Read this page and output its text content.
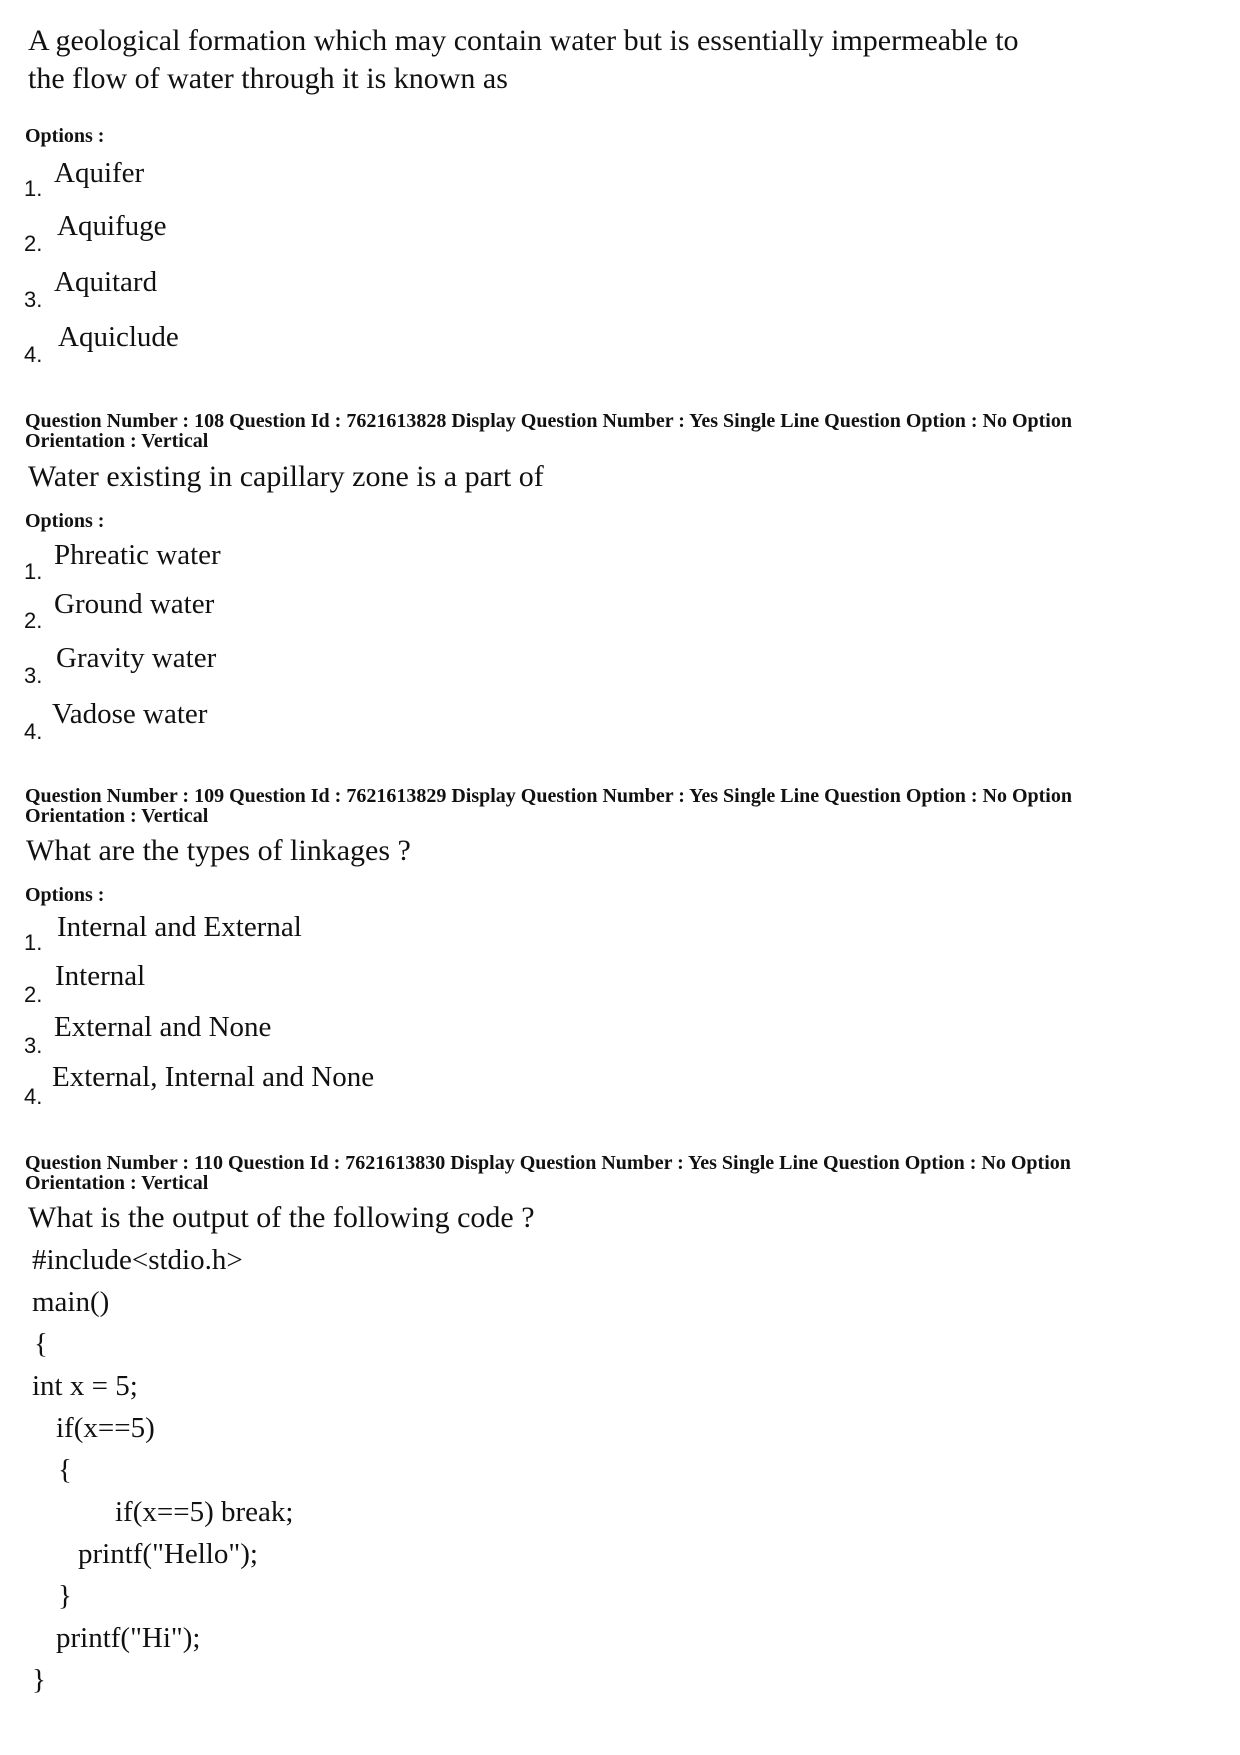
A geological formation which may contain water but is essentially impermeable to
the flow of water through it is known as
Options :
1. Aquifer
2.
Aquifuge
3.
Aquitard
4.
Aquiclude
Question Number : 108 Question Id : 7621613828 Display Question Number : Yes Single Line Question Option : No Option
Orientation : Vertical
Water existing in capillary zone is a part of
Options :
1.
Phreatic water
2.
Ground water
3.
Gravity water
4.
Vadose water
Question Number : 109 Question Id : 7621613829 Display Question Number : Yes Single Line Question Option : No Option
Orientation : Vertical
What are the types of linkages ?
Options :
1. Internal and External
2.
Internal
3.
External and None
4.
External, Internal and None
Question Number : 110 Question Id : 7621613830 Display Question Number : Yes Single Line Question Option : No Option
Orientation : Vertical
What is the output of the following code ?
#include<stdio.h>
main()
{
int x = 5;
if(x==5)
{
if(x==5) break;
printf("Hello");
}
printf("Hi");
}
